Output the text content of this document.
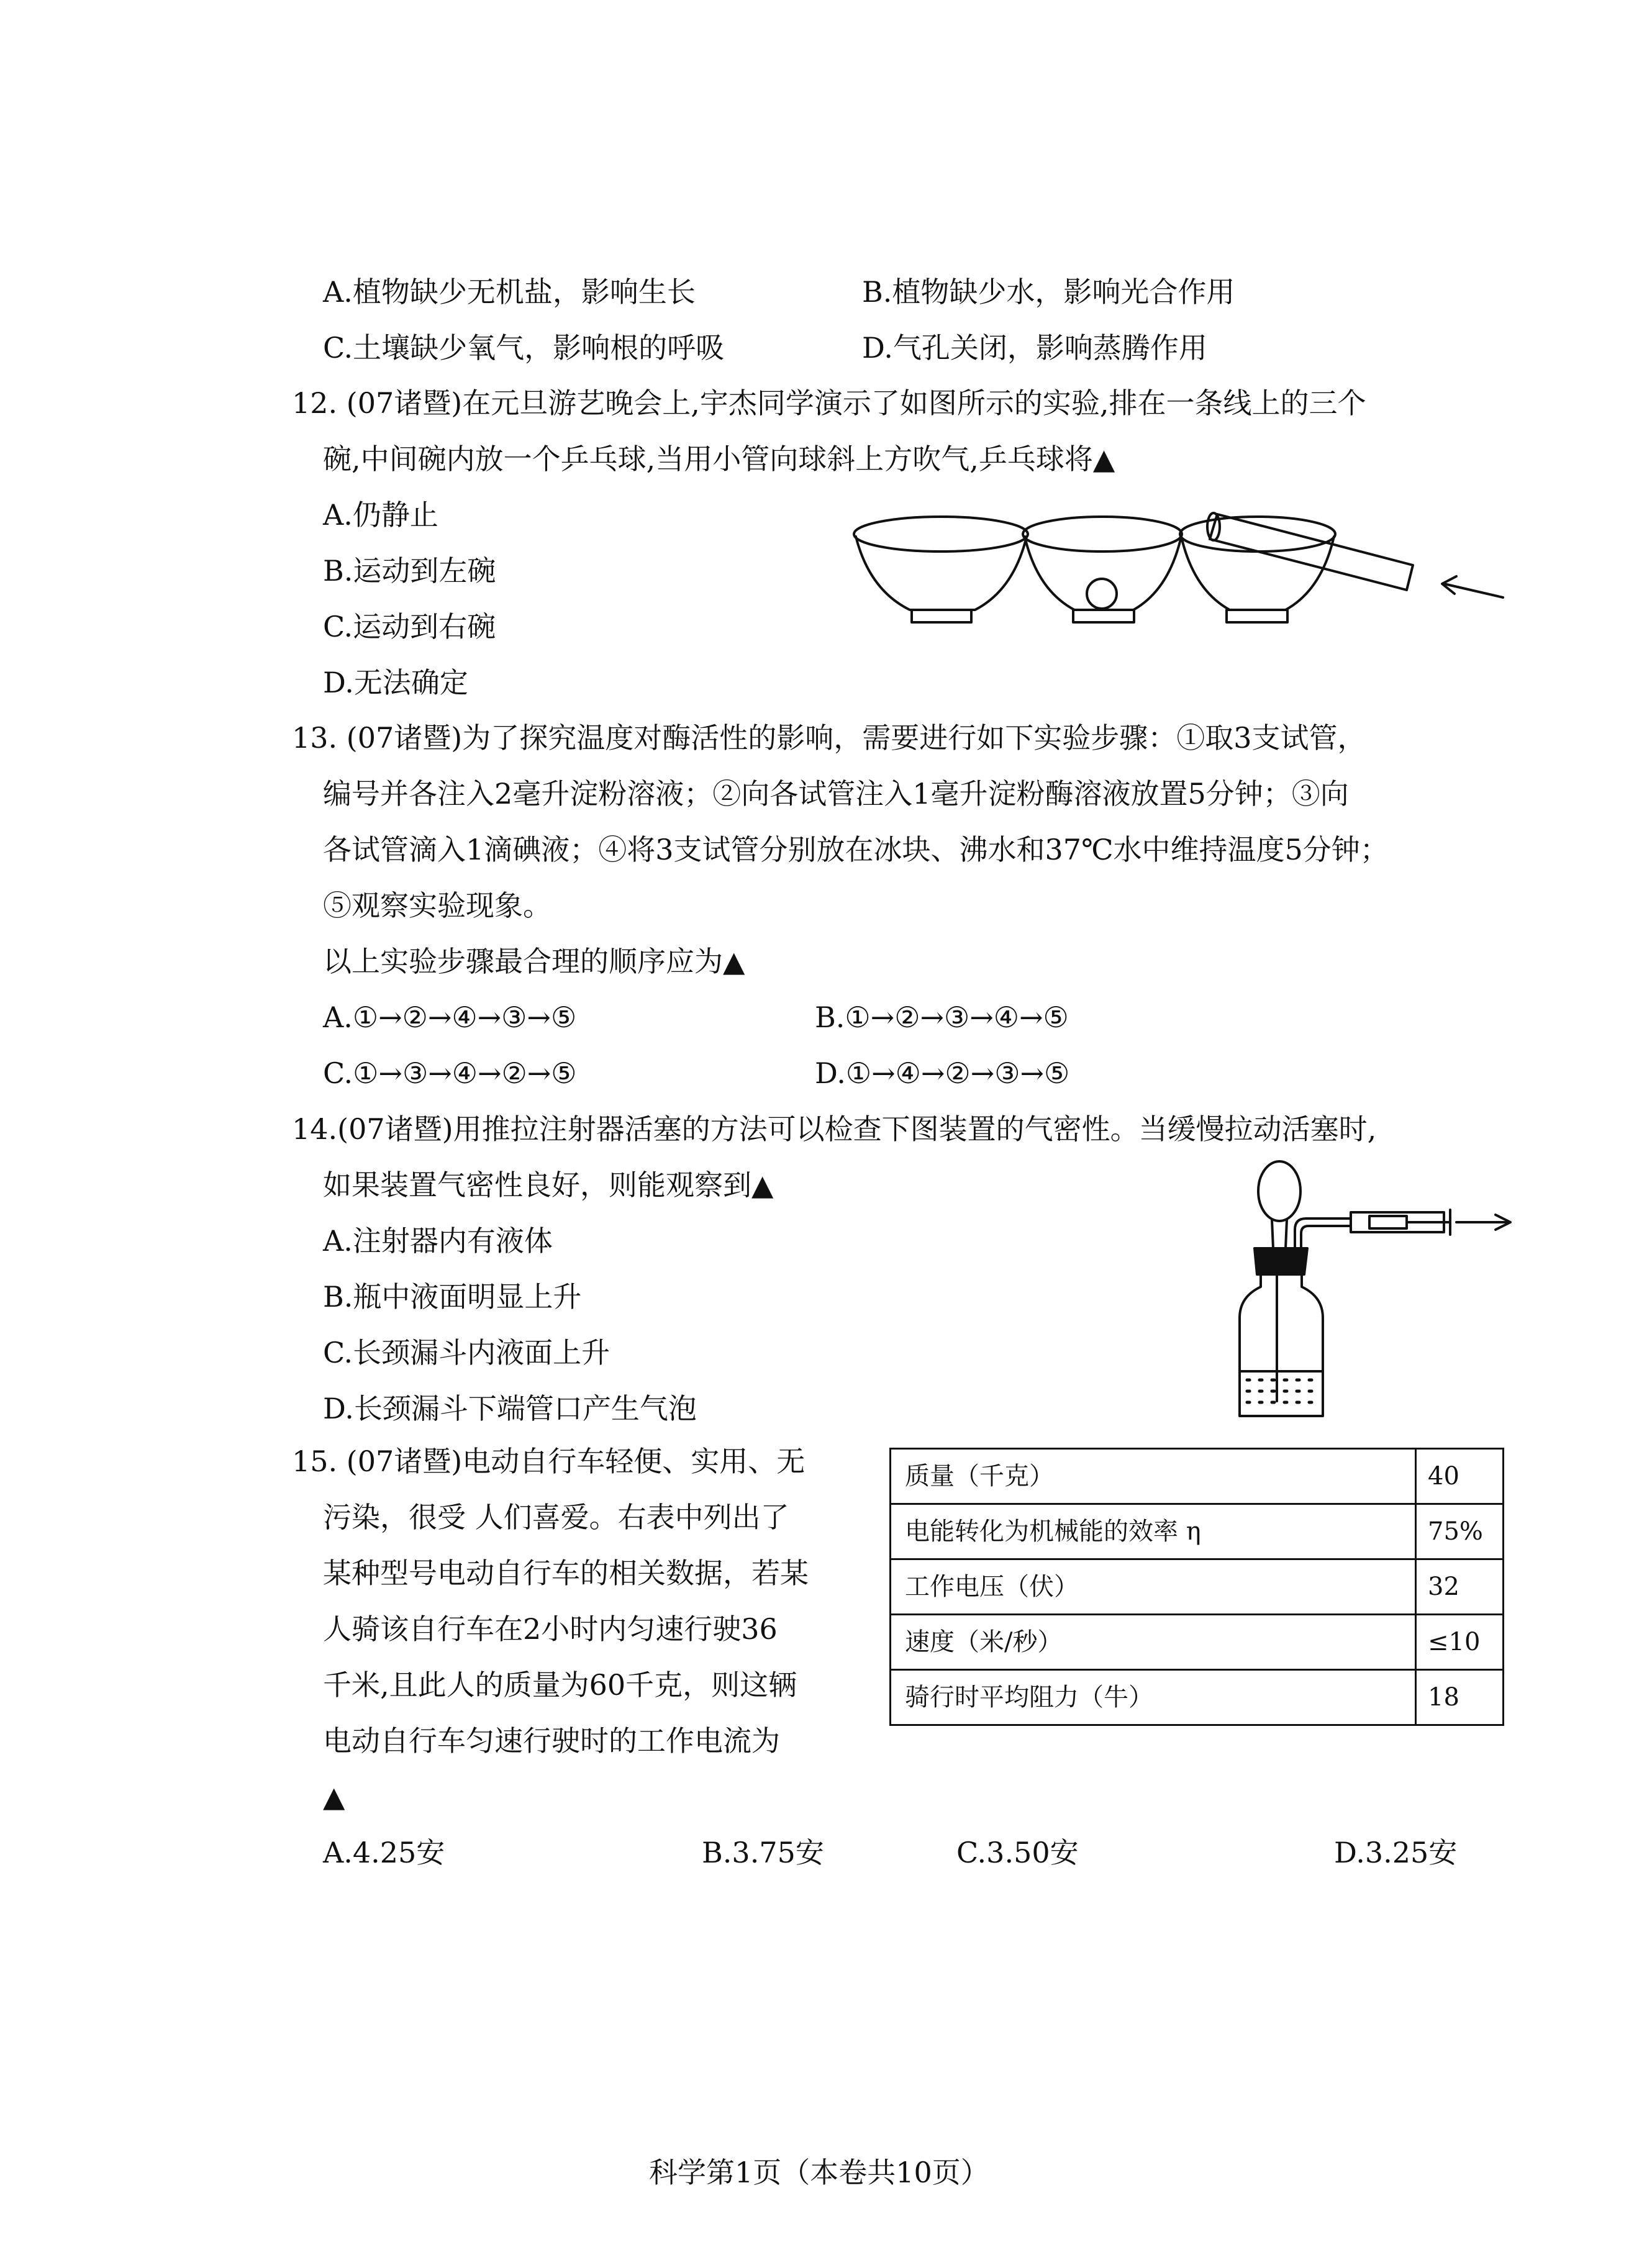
A.植物缺少无机盐，影响生长	B.植物缺少水，影响光合作用
C.土壤缺少氧气，影响根的呼吸	D.气孔关闭，影响蒸腾作用
12. (07诸暨)在元旦游艺晚会上,宇杰同学演示了如图所示的实验,排在一条线上的三个
碗,中间碗内放一个乒乓球,当用小管向球斜上方吹气,乒乓球将▲
A.仍静止
B.运动到左碗
C.运动到右碗
D.无法确定
13. (07诸暨)为了探究温度对酶活性的影响，需要进行如下实验步骤：①取3支试管，
编号并各注入2毫升淀粉溶液；②向各试管注入1毫升淀粉酶溶液放置5分钟；③向
各试管滴入1滴碘液；④将3支试管分别放在冰块、沸水和37℃水中维持温度5分钟；
⑤观察实验现象。
以上实验步骤最合理的顺序应为▲
A.①→②→④→③→⑤	B.①→②→③→④→⑤
C.①→③→④→②→⑤	D.①→④→②→③→⑤
14.(07诸暨)用推拉注射器活塞的方法可以检查下图装置的气密性。当缓慢拉动活塞时,
如果装置气密性良好，则能观察到▲
A.注射器内有液体
B.瓶中液面明显上升
C.长颈漏斗内液面上升
D.长颈漏斗下端管口产生气泡
15. (07诸暨)电动自行车轻便、实用、无
污染，很受 人们喜爱。右表中列出了
某种型号电动自行车的相关数据，若某
人骑该自行车在2小时内匀速行驶36
千米,且此人的质量为60千克，则这辆
电动自行车匀速行驶时的工作电流为
▲
质量（千克）	40
电能转化为机械能的效率 η	75%
工作电压（伏）	32
速度（米/秒）	≤10
骑行时平均阻力（牛）	18
A.4.25安	B.3.75安	C.3.50安	D.3.25安
科学第1页（本卷共10页）
